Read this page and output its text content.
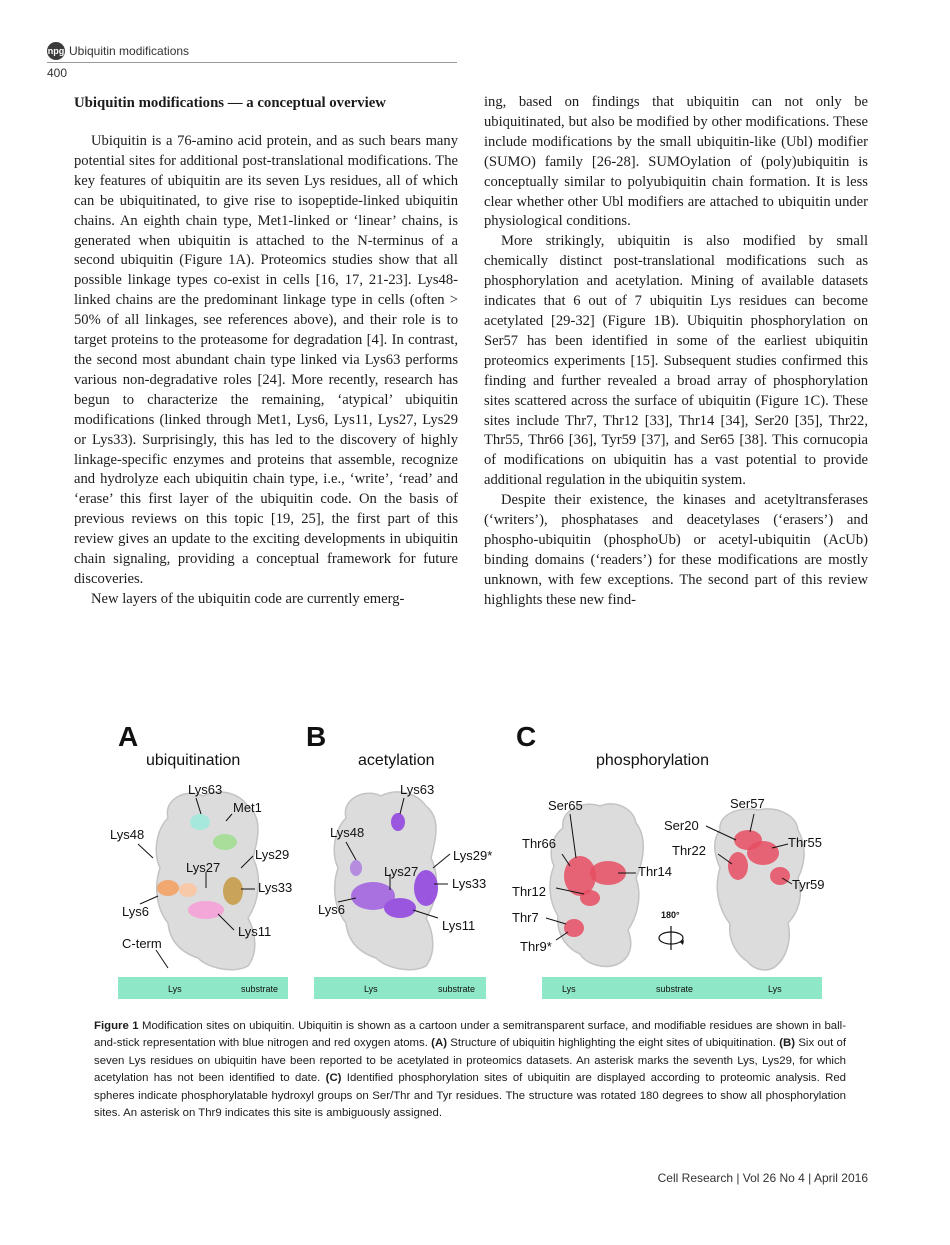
npg Ubiquitin modifications
400
Ubiquitin modifications — a conceptual overview

Ubiquitin is a 76-amino acid protein, and as such bears many potential sites for additional post-translational modifications. The key features of ubiquitin are its seven Lys residues, all of which can be ubiquitinated, to give rise to isopeptide-linked ubiquitin chains. An eighth chain type, Met1-linked or ‘linear’ chains, is generated when ubiquitin is attached to the N-terminus of a second ubiquitin (Figure 1A). Proteomics studies show that all possible linkage types co-exist in cells [16, 17, 21-23]. Lys48-linked chains are the predominant linkage type in cells (often > 50% of all linkages, see references above), and their role is to target proteins to the proteasome for degradation [4]. In contrast, the second most abundant chain type linked via Lys63 performs various non-degradative roles [24]. More recently, research has begun to characterize the remaining, ‘atypical’ ubiquitin modifications (linked through Met1, Lys6, Lys11, Lys27, Lys29 or Lys33). Surprisingly, this has led to the discovery of highly linkage-specific enzymes and proteins that assemble, recognize and hydrolyze each ubiquitin chain type, i.e., ‘write’, ‘read’ and ‘erase’ this first layer of the ubiquitin code. On the basis of previous reviews on this topic [19, 25], the first part of this review gives an update to the exciting developments in ubiquitin chain signaling, providing a conceptual framework for future discoveries.

New layers of the ubiquitin code are currently emerg-

ing, based on findings that ubiquitin can not only be ubiquitinated, but also be modified by other modifications. These include modifications by the small ubiquitin-like (Ubl) modifier (SUMO) family [26-28]. SUMOylation of (poly)ubiquitin is conceptually similar to polyubiquitin chain formation. It is less clear whether other Ubl modifiers are attached to ubiquitin under physiological conditions.

More strikingly, ubiquitin is also modified by small chemically distinct post-translational modifications such as phosphorylation and acetylation. Mining of available datasets indicates that 6 out of 7 ubiquitin Lys residues can become acetylated [29-32] (Figure 1B). Ubiquitin phosphorylation on Ser57 has been identified in some of the earliest ubiquitin proteomics experiments [15]. Subsequent studies confirmed this finding and further revealed a broad array of phosphorylation sites scattered across the surface of ubiquitin (Figure 1C). These sites include Thr7, Thr12 [33], Thr14 [34], Ser20 [35], Thr22, Thr55, Thr66 [36], Tyr59 [37], and Ser65 [38]. This cornucopia of modifications on ubiquitin has a vast potential to provide additional regulation in the ubiquitin system.

Despite their existence, the kinases and acetyltransferases (‘writers’), phosphatases and deacetylases (‘erasers’) and phospho-ubiquitin (phosphoUb) or acetyl-ubiquitin (AcUb) binding domains (‘readers’) for these modifications are mostly unknown, with few exceptions. The second part of this review highlights these new find-

A
ubiquitination
Lys63
Met1
Lys48
Lys29
Lys27
Lys33
Lys6
Lys11
C-term
Lys	substrate
B
acetylation
Lys63
Lys48
Lys29*
Lys27
Lys33
Lys6
Lys11
Lys	substrate
C
phosphorylation
Ser65
Thr66
Thr14
Thr12
Thr7
Thr9*
Ser57
Ser20
Thr55
Thr22
Tyr59
180°
Lys	substrate	Lys
Figure 1 Modification sites on ubiquitin. Ubiquitin is shown as a cartoon under a semitransparent surface, and modifiable residues are shown in ball-and-stick representation with blue nitrogen and red oxygen atoms. (A) Structure of ubiquitin highlighting the eight sites of ubiquitination. (B) Six out of seven Lys residues on ubiquitin have been reported to be acetylated in proteomics datasets. An asterisk marks the seventh Lys, Lys29, for which acetylation has not been identified to date. (C) Identified phosphorylation sites of ubiquitin are displayed according to proteomic analysis. Red spheres indicate phosphorylatable hydroxyl groups on Ser/Thr and Tyr residues. The structure was rotated 180 degrees to show all phosphorylation sites. An asterisk on Thr9 indicates this site is ambiguously assigned.
Cell Research | Vol 26 No 4 | April 2016
